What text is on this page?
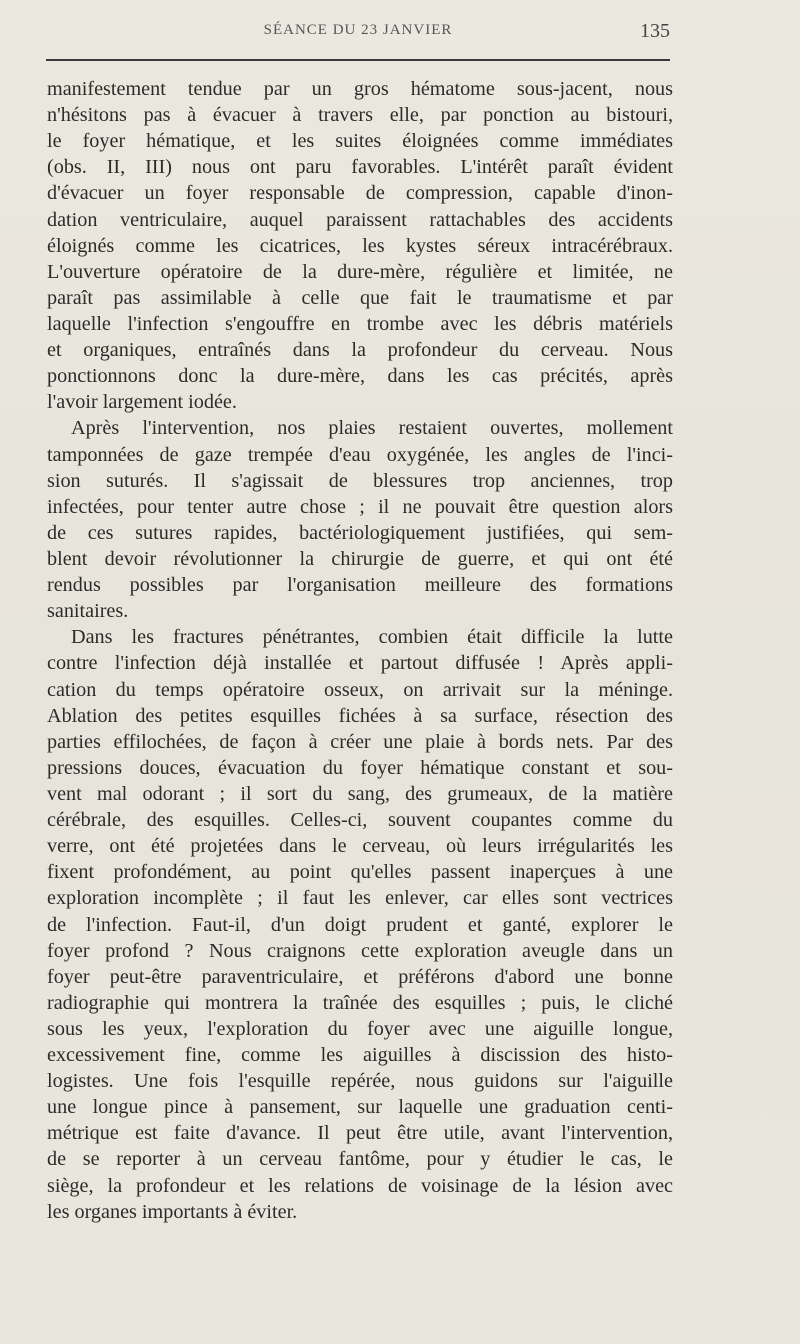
SÉANCE DU 23 JANVIER	135
manifestement tendue par un gros hématome sous-jacent, nous
n'hésitons pas à évacuer à travers elle, par ponction au bistouri,
le foyer hématique, et les suites éloignées comme immédiates
(obs. II, III) nous ont paru favorables. L'intérêt paraît évident
d'évacuer un foyer responsable de compression, capable d'inon-
dation ventriculaire, auquel paraissent rattachables des accidents
éloignés comme les cicatrices, les kystes séreux intracérébraux.
L'ouverture opératoire de la dure-mère, régulière et limitée, ne
paraît pas assimilable à celle que fait le traumatisme et par
laquelle l'infection s'engouffre en trombe avec les débris matériels
et organiques, entraînés dans la profondeur du cerveau. Nous
ponctionnons donc la dure-mère, dans les cas précités, après
l'avoir largement iodée.
Après l'intervention, nos plaies restaient ouvertes, mollement
tamponnées de gaze trempée d'eau oxygénée, les angles de l'inci-
sion suturés. Il s'agissait de blessures trop anciennes, trop
infectées, pour tenter autre chose ; il ne pouvait être question alors
de ces sutures rapides, bactériologiquement justifiées, qui sem-
blent devoir révolutionner la chirurgie de guerre, et qui ont été
rendus possibles par l'organisation meilleure des formations
sanitaires.
Dans les fractures pénétrantes, combien était difficile la lutte
contre l'infection déjà installée et partout diffusée ! Après appli-
cation du temps opératoire osseux, on arrivait sur la méninge.
Ablation des petites esquilles fichées à sa surface, résection des
parties effilochées, de façon à créer une plaie à bords nets. Par des
pressions douces, évacuation du foyer hématique constant et sou-
vent mal odorant ; il sort du sang, des grumeaux, de la matière
cérébrale, des esquilles. Celles-ci, souvent coupantes comme du
verre, ont été projetées dans le cerveau, où leurs irrégularités les
fixent profondément, au point qu'elles passent inaperçues à une
exploration incomplète ; il faut les enlever, car elles sont vectrices
de l'infection. Faut-il, d'un doigt prudent et ganté, explorer le
foyer profond ? Nous craignons cette exploration aveugle dans un
foyer peut-être paraventriculaire, et préférons d'abord une bonne
radiographie qui montrera la traînée des esquilles ; puis, le cliché
sous les yeux, l'exploration du foyer avec une aiguille longue,
excessivement fine, comme les aiguilles à discission des histo-
logistes. Une fois l'esquille repérée, nous guidons sur l'aiguille
une longue pince à pansement, sur laquelle une graduation centi-
métrique est faite d'avance. Il peut être utile, avant l'intervention,
de se reporter à un cerveau fantôme, pour y étudier le cas, le
siège, la profondeur et les relations de voisinage de la lésion avec
les organes importants à éviter.
